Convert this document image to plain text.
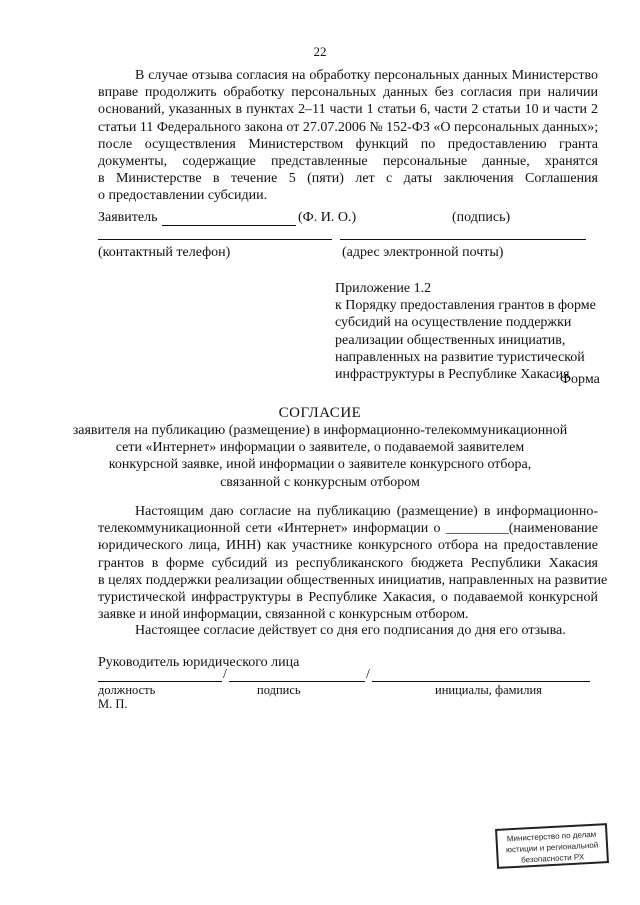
22
В случае отзыва согласия на обработку персональных данных Министерство
вправе продолжить обработку персональных данных без согласия при наличии
оснований, указанных в пунктах 2–11 части 1 статьи 6, части 2 статьи 10 и части 2
статьи 11 Федерального закона от 27.07.2006 № 152-ФЗ «О персональных данных»;
после осуществления Министерством функций по предоставлению гранта
документы, содержащие представленные персональные данные, хранятся
в Министерстве в течение 5 (пяти) лет с даты заключения Соглашения
о предоставлении субсидии.
Заявитель	(Ф. И. О.)	(подпись)
(контактный телефон)	(адрес электронной почты)
Приложение 1.2
к Порядку предоставления грантов в форме
субсидий на осуществление поддержки
реализации общественных инициатив,
направленных на развитие туристической
инфраструктуры в Республике Хакасия
Форма
СОГЛАСИЕ
заявителя на публикацию (размещение) в информационно-телекоммуникационной
сети «Интернет» информации о заявителе, о подаваемой заявителем
конкурсной заявке, иной информации о заявителе конкурсного отбора,
связанной с конкурсным отбором
Настоящим даю согласие на публикацию (размещение) в информационно-
телекоммуникационной сети «Интернет» информации о _________(наименование
юридического лица, ИНН) как участнике конкурсного отбора на предоставление
грантов в форме субсидий из республиканского бюджета Республики Хакасия
в целях поддержки реализации общественных инициатив, направленных на развитие
туристической инфраструктуры в Республике Хакасия, о подаваемой конкурсной
заявке и иной информации, связанной с конкурсным отбором.
Настоящее согласие действует со дня его подписания до дня его отзыва.
Руководитель юридического лица
/	/
должность	подпись	инициалы, фамилия
М. П.
Министерство по делам
юстиции и региональной
безопасности РХ
